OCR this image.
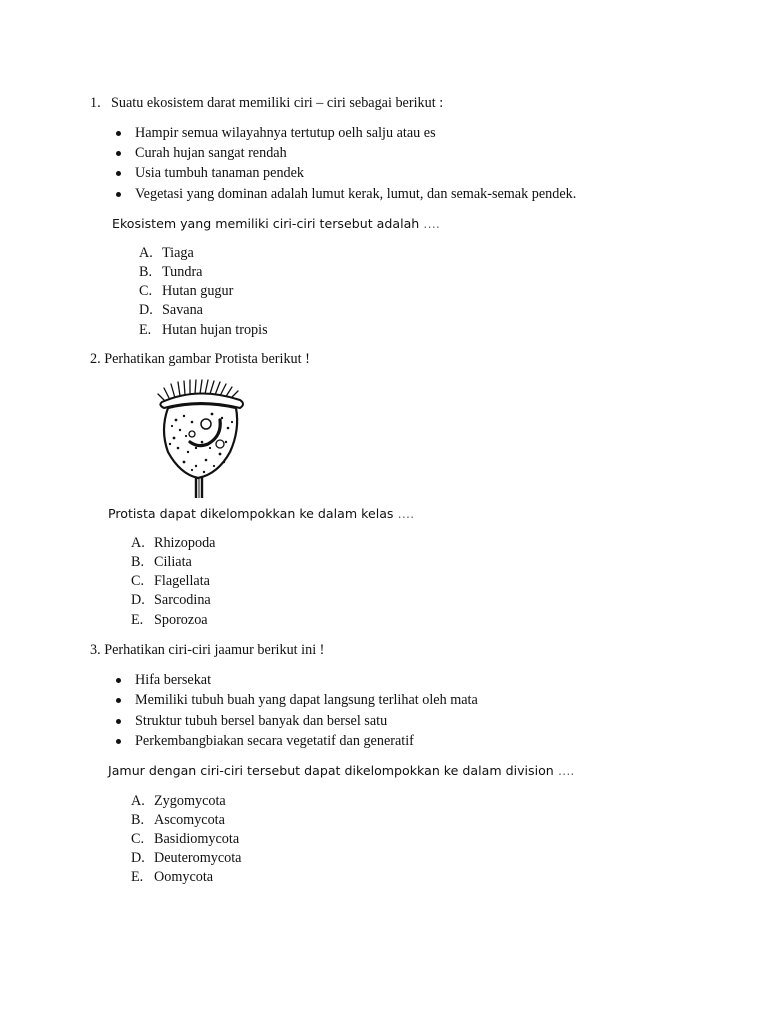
1. Suatu ekosistem darat memiliki ciri – ciri sebagai berikut :
Hampir semua wilayahnya tertutup oelh salju atau es
Curah hujan sangat rendah
Usia tumbuh tanaman pendek
Vegetasi yang dominan adalah lumut kerak, lumut, dan semak-semak pendek.
Ekosistem yang memiliki ciri-ciri tersebut adalah ….
A. Tiaga
B. Tundra
C. Hutan gugur
D. Savana
E. Hutan hujan tropis
2. Perhatikan gambar Protista berikut !
Protista dapat dikelompokkan ke dalam kelas ….
A. Rhizopoda
B. Ciliata
C. Flagellata
D. Sarcodina
E. Sporozoa
3. Perhatikan ciri-ciri jaamur berikut ini !
Hifa bersekat
Memiliki tubuh buah yang dapat langsung terlihat oleh mata
Struktur tubuh bersel banyak dan bersel satu
Perkembangbiakan secara vegetatif dan generatif
Jamur dengan ciri-ciri tersebut dapat dikelompokkan ke dalam division ….
A. Zygomycota
B. Ascomycota
C. Basidiomycota
D. Deuteromycota
E. Oomycota
